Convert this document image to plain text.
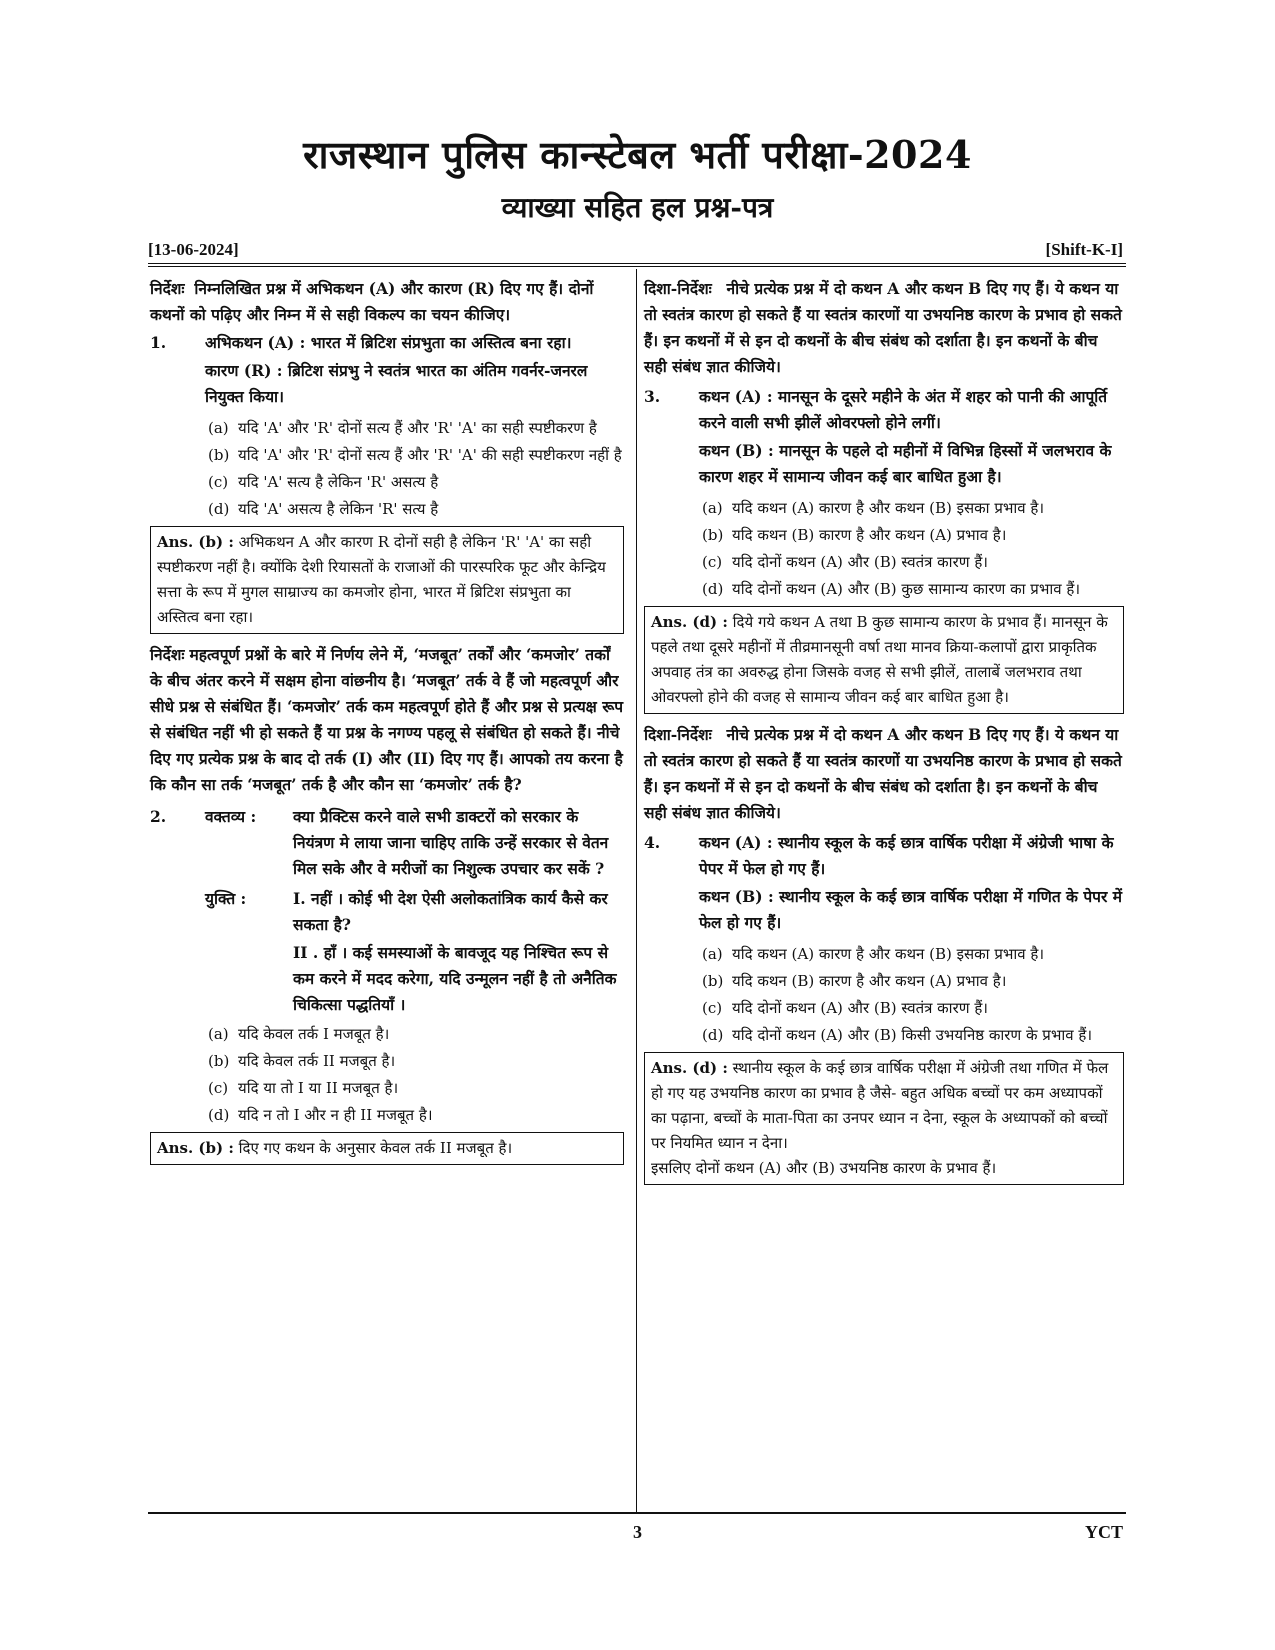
राजस्थान पुलिस कान्स्टेबल भर्ती परीक्षा-2024
व्याख्या सहित हल प्रश्न-पत्र
[13-06-2024]	[Shift-K-I]
निर्देशः निम्नलिखित प्रश्न में अभिकथन (A) और कारण (R) दिए गए हैं। दोनों कथनों को पढ़िए और निम्न में से सही विकल्प का चयन कीजिए।
1.	अभिकथन (A) : भारत में ब्रिटिश संप्रभुता का अस्तित्व बना रहा।

कारण (R) : ब्रिटिश संप्रभु ने स्वतंत्र भारत का अंतिम गवर्नर-जनरल नियुक्त किया।

(a) यदि 'A' और 'R' दोनों सत्य हैं और 'R' 'A' का सही स्पष्टीकरण है
(b) यदि 'A' और 'R' दोनों सत्य हैं और 'R' 'A' की सही स्पष्टीकरण नहीं है
(c) यदि 'A' सत्य है लेकिन 'R' असत्य है
(d) यदि 'A' असत्य है लेकिन 'R' सत्य है
Ans. (b) : अभिकथन A और कारण R दोनों सही है लेकिन 'R' 'A' का सही स्पष्टीकरण नहीं है। क्योंकि देशी रियासतों के राजाओं की पारस्परिक फूट और केन्द्रिय सत्ता के रूप में मुगल साम्राज्य का कमजोर होना, भारत में ब्रिटिश संप्रभुता का अस्तित्व बना रहा।
निर्देशः महत्वपूर्ण प्रश्नों के बारे में निर्णय लेने में, ‘मजबूत’ तर्कों और ‘कमजोर’ तर्कों के बीच अंतर करने में सक्षम होना वांछनीय है। ‘मजबूत’ तर्क वे हैं जो महत्वपूर्ण और सीधे प्रश्न से संबंधित हैं। ‘कमजोर’ तर्क कम महत्वपूर्ण होते हैं और प्रश्न से प्रत्यक्ष रूप से संबंधित नहीं भी हो सकते हैं या प्रश्न के नगण्य पहलू से संबंधित हो सकते हैं। नीचे दिए गए प्रत्येक प्रश्न के बाद दो तर्क (I) और (II) दिए गए हैं। आपको तय करना है कि कौन सा तर्क ‘मजबूत’ तर्क है और कौन सा ‘कमजोर’ तर्क है?
2.	वक्तव्य :	क्या प्रैक्टिस करने वाले सभी डाक्टरों को सरकार के नियंत्रण मे लाया जाना चाहिए ताकि उन्हें सरकार से वेतन मिल सके और वे मरीजों का निशुल्क उपचार कर सकें ?
युक्ति :	I. नहीं । कोई भी देश ऐसी अलोकतांत्रिक कार्य कैसे कर सकता है?
II . हाँ । कई समस्याओं के बावजूद यह निश्चित रूप से कम करने में मदद करेगा, यदि उन्मूलन नहीं है तो अनैतिक चिकित्सा पद्धतियाँ ।
(a) यदि केवल तर्क I मजबूत है।
(b) यदि केवल तर्क II मजबूत है।
(c) यदि या तो I या II मजबूत है।
(d) यदि न तो I और न ही II मजबूत है।
Ans. (b) : दिए गए कथन के अनुसार केवल तर्क II मजबूत है।
दिशा-निर्देशः नीचे प्रत्येक प्रश्न में दो कथन A और कथन B दिए गए हैं। ये कथन या तो स्वतंत्र कारण हो सकते हैं या स्वतंत्र कारणों या उभयनिष्ठ कारण के प्रभाव हो सकते हैं। इन कथनों में से इन दो कथनों के बीच संबंध को दर्शाता है। इन कथनों के बीच सही संबंध ज्ञात कीजिये।
3.	कथन (A) : मानसून के दूसरे महीने के अंत में शहर को पानी की आपूर्ति करने वाली सभी झीलें ओवरफ्लो होने लगीं।

कथन (B) : मानसून के पहले दो महीनों में विभिन्न हिस्सों में जलभराव के कारण शहर में सामान्य जीवन कई बार बाधित हुआ है।

(a) यदि कथन (A) कारण है और कथन (B) इसका प्रभाव है।
(b) यदि कथन (B) कारण है और कथन (A) प्रभाव है।
(c) यदि दोनों कथन (A) और (B) स्वतंत्र कारण हैं।
(d) यदि दोनों कथन (A) और (B) कुछ सामान्य कारण का प्रभाव हैं।
Ans. (d) : दिये गये कथन A तथा B कुछ सामान्य कारण के प्रभाव हैं। मानसून के पहले तथा दूसरे महीनों में तीव्रमानसूनी वर्षा तथा मानव क्रिया-कलापों द्वारा प्राकृतिक अपवाह तंत्र का अवरुद्ध होना जिसके वजह से सभी झीलें, तालाबें जलभराव तथा ओवरफ्लो होने की वजह से सामान्य जीवन कई बार बाधित हुआ है।
दिशा-निर्देशः नीचे प्रत्येक प्रश्न में दो कथन A और कथन B दिए गए हैं। ये कथन या तो स्वतंत्र कारण हो सकते हैं या स्वतंत्र कारणों या उभयनिष्ठ कारण के प्रभाव हो सकते हैं। इन कथनों में से इन दो कथनों के बीच संबंध को दर्शाता है। इन कथनों के बीच सही संबंध ज्ञात कीजिये।
4.	कथन (A) : स्थानीय स्कूल के कई छात्र वार्षिक परीक्षा में अंग्रेजी भाषा के पेपर में फेल हो गए हैं।

कथन (B) : स्थानीय स्कूल के कई छात्र वार्षिक परीक्षा में गणित के पेपर में फेल हो गए हैं।

(a) यदि कथन (A) कारण है और कथन (B) इसका प्रभाव है।
(b) यदि कथन (B) कारण है और कथन (A) प्रभाव है।
(c) यदि दोनों कथन (A) और (B) स्वतंत्र कारण हैं।
(d) यदि दोनों कथन (A) और (B) किसी उभयनिष्ठ कारण के प्रभाव हैं।
Ans. (d) : स्थानीय स्कूल के कई छात्र वार्षिक परीक्षा में अंग्रेजी तथा गणित में फेल हो गए यह उभयनिष्ठ कारण का प्रभाव है जैसे- बहुत अधिक बच्चों पर कम अध्यापकों का पढ़ाना, बच्चों के माता-पिता का उनपर ध्यान न देना, स्कूल के अध्यापकों को बच्चों पर नियमित ध्यान न देना।
इसलिए दोनों कथन (A) और (B) उभयनिष्ठ कारण के प्रभाव हैं।
3	YCT
